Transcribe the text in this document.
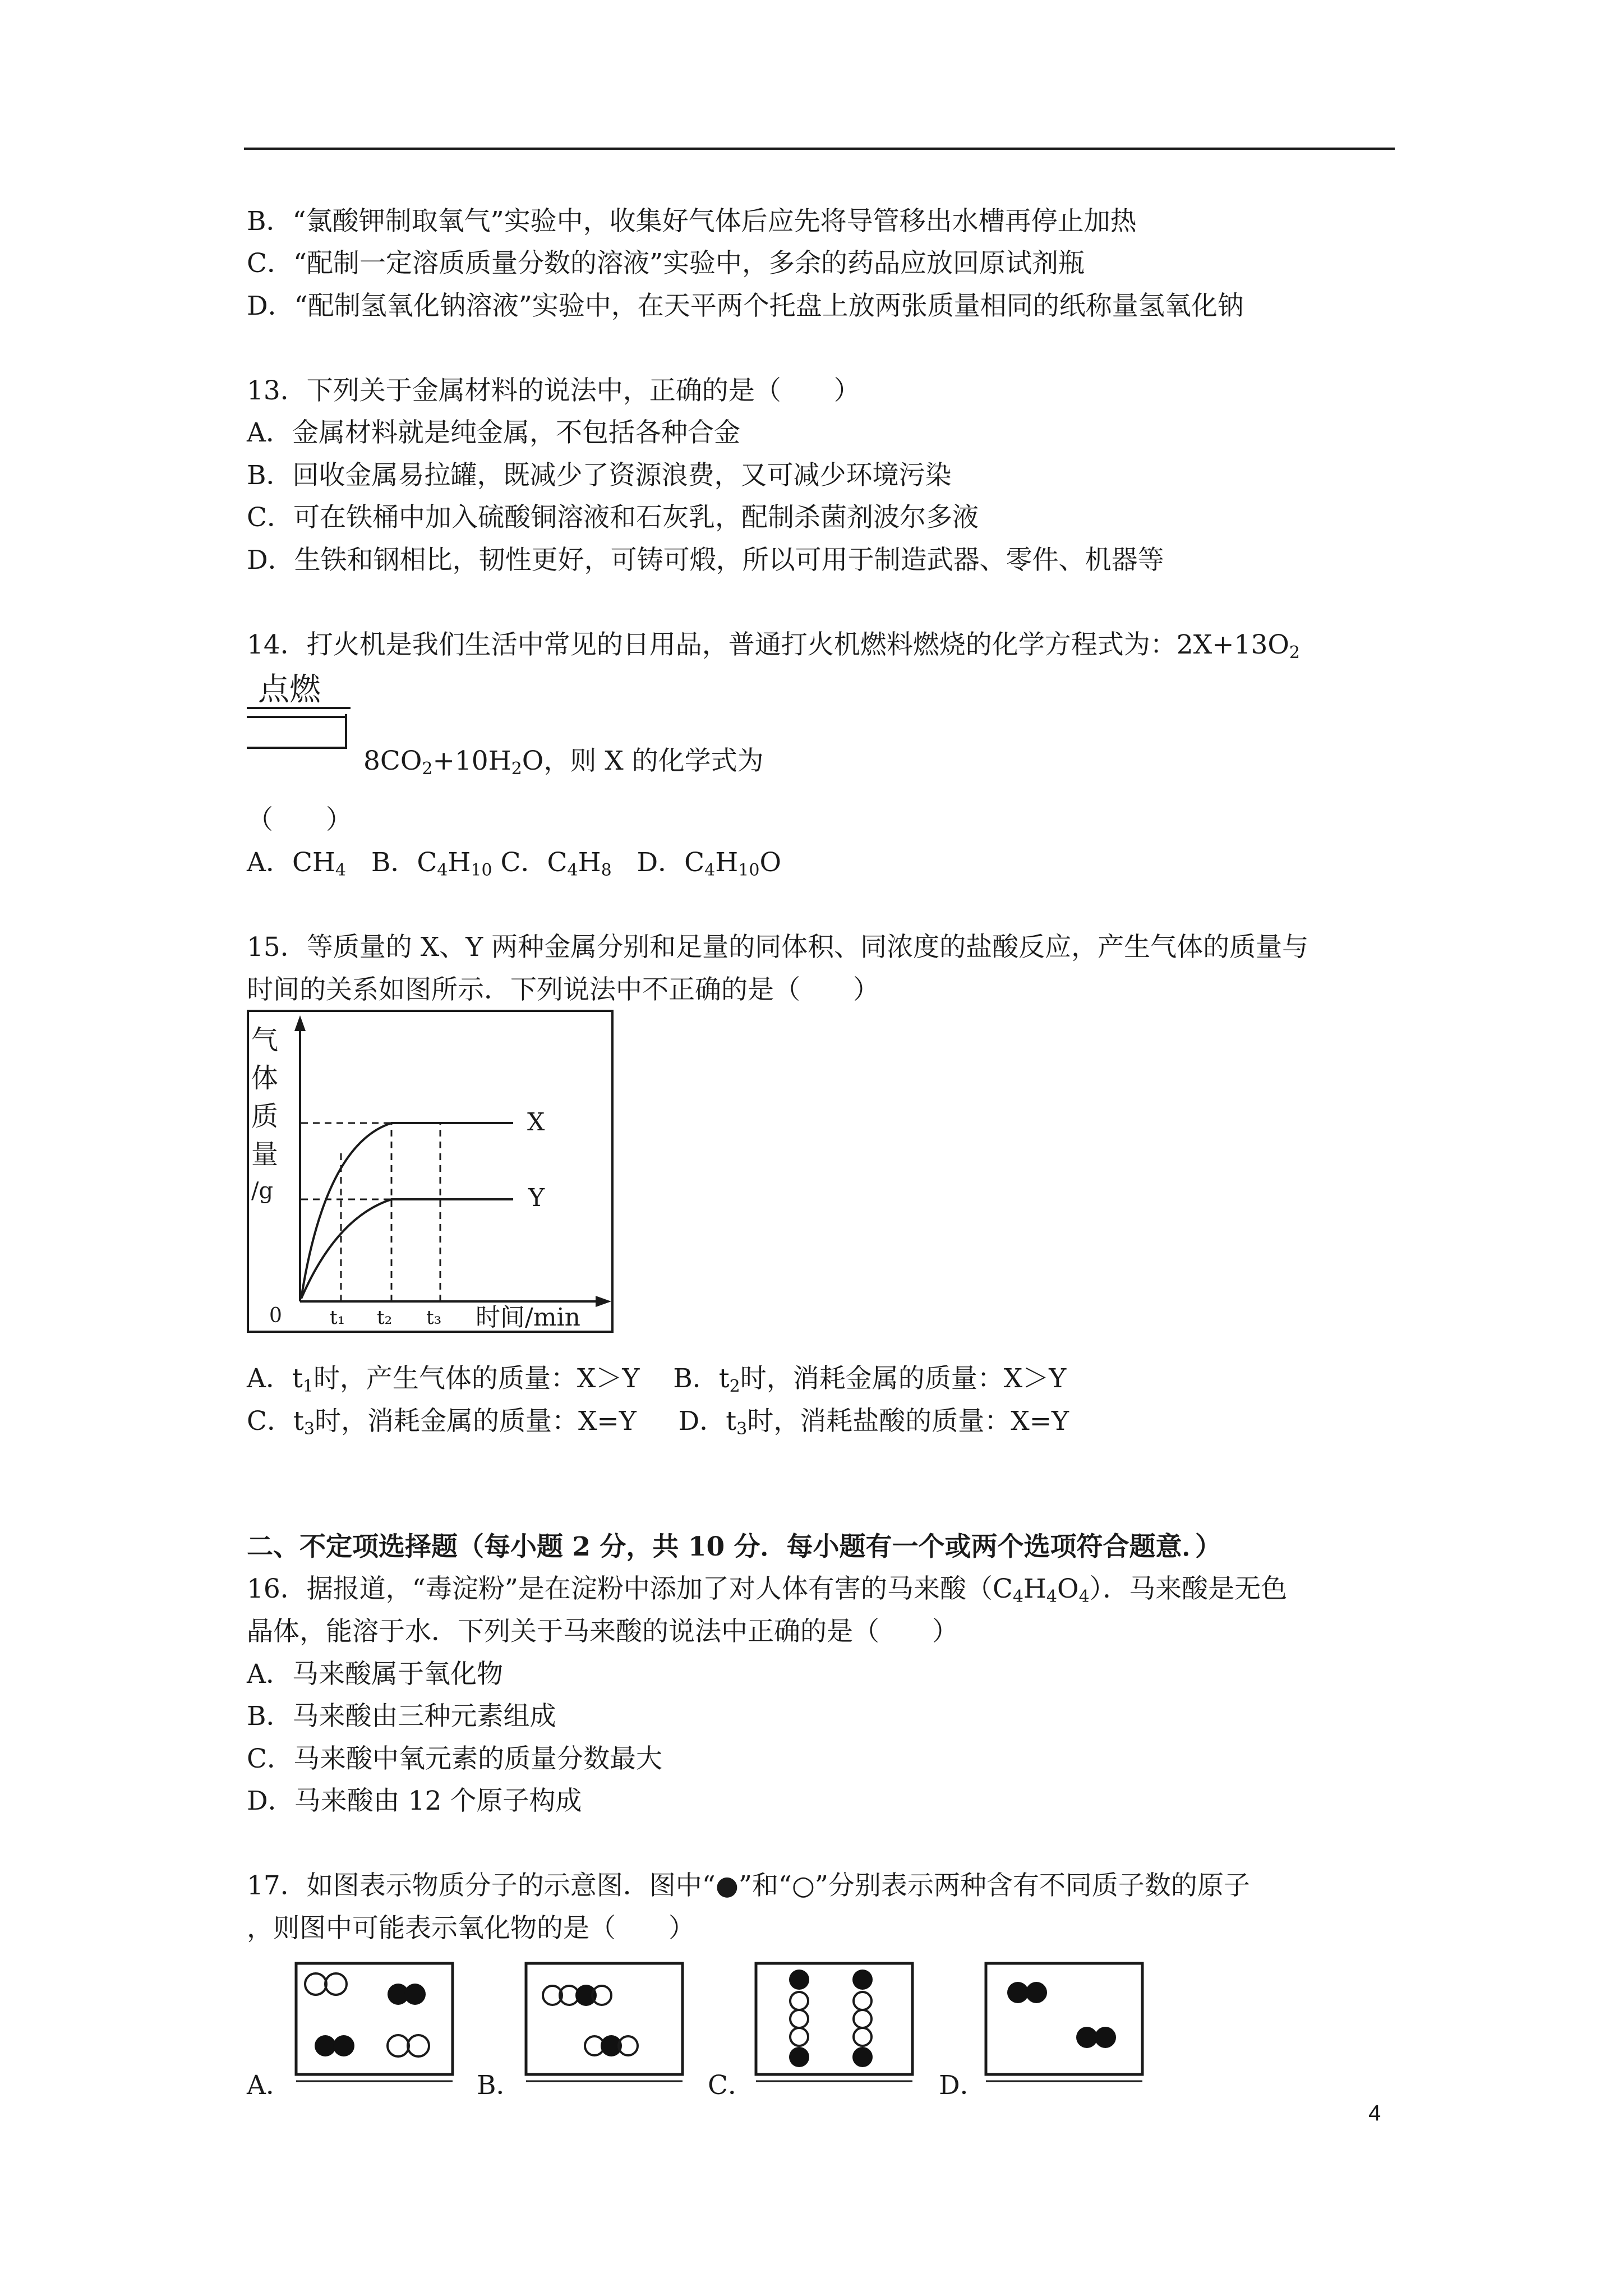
B．“氯酸钾制取氧气”实验中，收集好气体后应先将导管移出水槽再停止加热
C．“配制一定溶质质量分数的溶液”实验中，多余的药品应放回原试剂瓶
D．“配制氢氧化钠溶液”实验中，在天平两个托盘上放两张质量相同的纸称量氢氧化钠
13．下列关于金属材料的说法中，正确的是（　　）
A．金属材料就是纯金属，不包括各种合金
B．回收金属易拉罐，既减少了资源浪费，又可减少环境污染
C．可在铁桶中加入硫酸铜溶液和石灰乳，配制杀菌剂波尔多液
D．生铁和钢相比，韧性更好，可铸可煅，所以可用于制造武器、零件、机器等
14．打火机是我们生活中常见的日用品，普通打火机燃料燃烧的化学方程式为：$2X+13O_2$
点燃
$8CO_2+10H_2O$，则 X 的化学式为
（　　）
A．$CH_4$ B．$C_4H_{10}$ C．$C_4H_8$ D．$C_4H_{10}O$
15．等质量的 X、Y 两种金属分别和足量的同体积、同浓度的盐酸反应，产生气体的质量与
时间的关系如图所示．下列说法中不正确的是（　　）
气
体
质
量
/g
0	t₁ t₂ t₃ 时间/min
X
Y
A．$t_1$时，产生气体的质量：X＞Y B．$t_2$时，消耗金属的质量：X＞Y
C．$t_3$时，消耗金属的质量：X=Y D．$t_3$时，消耗盐酸的质量：X=Y
二、不定项选择题（每小题 2 分，共 10 分．每小题有一个或两个选项符合题意．）
16．据报道，“毒淀粉”是在淀粉中添加了对人体有害的马来酸$(C_4H_4O_4)$．马来酸是无色
晶体，能溶于水．下列关于马来酸的说法中正确的是（　　）
A．马来酸属于氧化物
B．马来酸由三种元素组成
C．马来酸中氧元素的质量分数最大
D．马来酸由 12 个原子构成
17．如图表示物质分子的示意图．图中“●”和“○”分别表示两种含有不同质子数的原子
，则图中可能表示氧化物的是（　　）
A．	B．	C．	D．
4
